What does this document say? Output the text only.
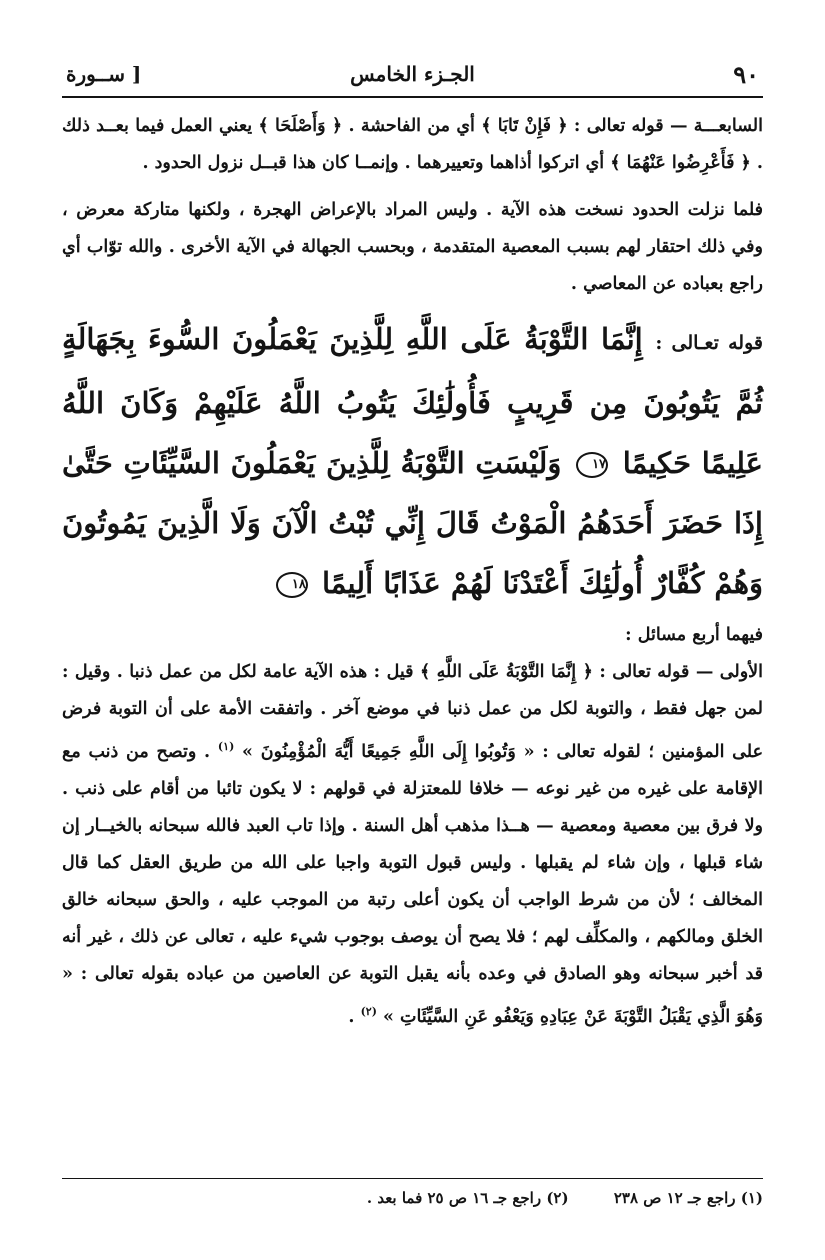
٩٠
الجـزء الخامس
[ ســورة

السابعـــة — قوله تعالى : ﴿ فَإِنْ تَابَا ﴾ أي من الفاحشة . ﴿ وَأَصْلَحَا ﴾ يعني العمل فيما بعــد ذلك . ﴿ فَأَعْرِضُوا عَنْهُمَا ﴾ أي اتركوا أذاهما وتعييرهما . وإنمــا كان هذا قبــل نزول الحدود .

فلما نزلت الحدود نسخت هذه الآية . وليس المراد بالإعراض الهجرة ، ولكنها متاركة معرض ، وفي ذلك احتقار لهم بسبب المعصية المتقدمة ، وبحسب الجهالة في الآية الأخرى . والله توّاب أي راجع بعباده عن المعاصي .

قوله تعـالى : إِنَّمَا التَّوْبَةُ عَلَى اللَّهِ لِلَّذِينَ يَعْمَلُونَ السُّوءَ بِجَهَالَةٍ ثُمَّ يَتُوبُونَ مِن قَرِيبٍ فَأُولَٰئِكَ يَتُوبُ اللَّهُ عَلَيْهِمْ وَكَانَ اللَّهُ عَلِيمًا حَكِيمًا ١٧ وَلَيْسَتِ التَّوْبَةُ لِلَّذِينَ يَعْمَلُونَ السَّيِّئَاتِ حَتَّىٰ إِذَا حَضَرَ أَحَدَهُمُ الْمَوْتُ قَالَ إِنِّي تُبْتُ الْآنَ وَلَا الَّذِينَ يَمُوتُونَ وَهُمْ كُفَّارٌ أُولَٰئِكَ أَعْتَدْنَا لَهُمْ عَذَابًا أَلِيمًا ١٨

فيهما أربع مسائل :

الأولى — قوله تعالى : ﴿ إِنَّمَا التَّوْبَةُ عَلَى اللَّهِ ﴾ قيل : هذه الآية عامة لكل من عمل ذنبا . وقيل : لمن جهل فقط ، والتوبة لكل من عمل ذنبا في موضع آخر . واتفقت الأمة على أن التوبة فرض على المؤمنين ؛ لقوله تعالى : « وَتُوبُوا إِلَى اللَّهِ جَمِيعًا أَيُّهَ الْمُؤْمِنُونَ » $^{(١)}$ . وتصح من ذنب مع الإقامة على غيره من غير نوعه — خلافا للمعتزلة في قولهم : لا يكون تائبا من أقام على ذنب . ولا فرق بين معصية ومعصية — هــذا مذهب أهل السنة . وإذا تاب العبد فالله سبحانه بالخيــار إن شاء قبلها ، وإن شاء لم يقبلها . وليس قبول التوبة واجبا على الله من طريق العقل كما قال المخالف ؛ لأن من شرط الواجب أن يكون أعلى رتبة من الموجب عليه ، والحق سبحانه خالق الخلق ومالكهم ، والمكلِّف لهم ؛ فلا يصح أن يوصف بوجوب شيء عليه ، تعالى عن ذلك ، غير أنه قد أخبر سبحانه وهو الصادق في وعده بأنه يقبل التوبة عن العاصين من عباده بقوله تعالى : « وَهُوَ الَّذِي يَقْبَلُ التَّوْبَةَ عَنْ عِبَادِهِ وَيَعْفُو عَنِ السَّيِّئَاتِ » $^{(٢)}$ .

(١) راجع جـ ١٢ ص ٢٣٨ (٢) راجع جـ ١٦ ص ٢٥ فما بعد .
